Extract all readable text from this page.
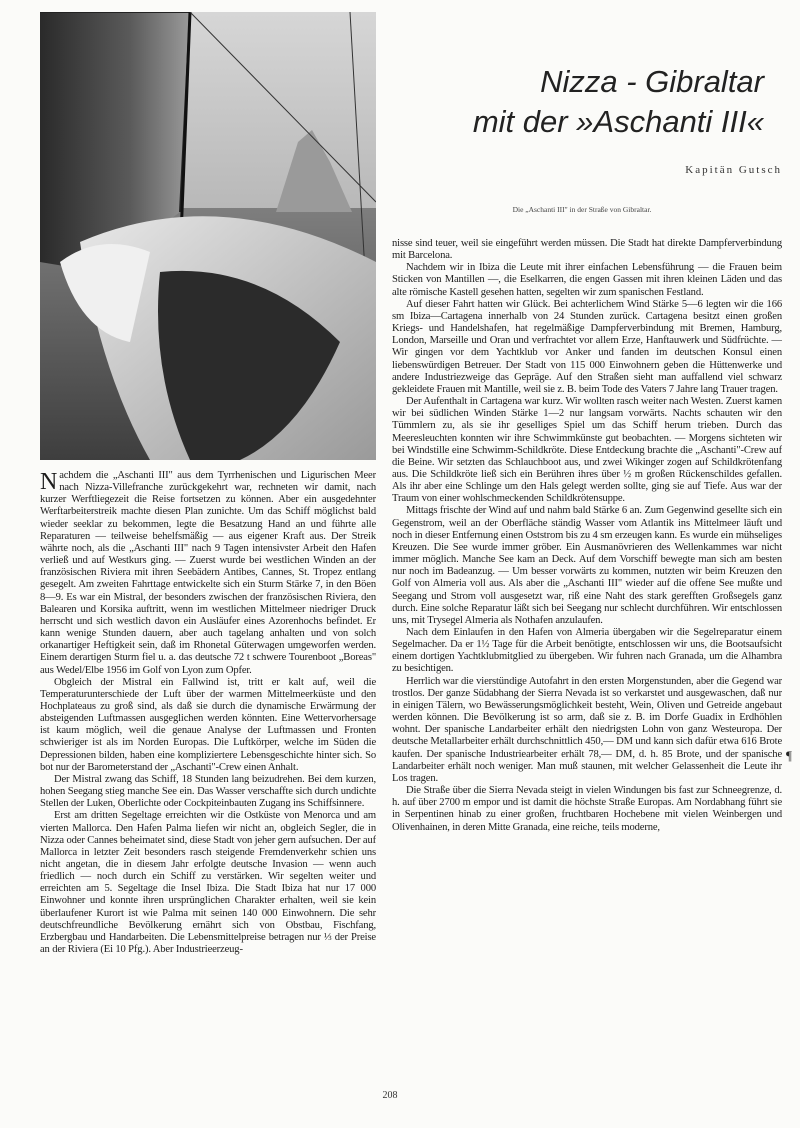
Nizza - Gibraltar
mit der »Aschanti III«
Kapitän Gutsch
Die „Aschanti III" in der Straße von Gibraltar.

Nachdem die „Aschanti III" aus dem Tyrrhenischen und Ligurischen Meer nach Nizza-Villefranche zurückgekehrt war, rechneten wir damit, nach kurzer Werftliegezeit die Reise fortsetzen zu können. Aber ein ausgedehnter Werftarbeiterstreik machte diesen Plan zunichte. Um das Schiff möglichst bald wieder seeklar zu bekommen, legte die Besatzung Hand an und führte alle Reparaturen — teilweise behelfsmäßig — aus eigener Kraft aus. Der Streik währte noch, als die „Aschanti III" nach 9 Tagen intensivster Arbeit den Hafen verließ und auf Westkurs ging. — Zuerst wurde bei westlichen Winden an der französischen Riviera mit ihren Seebädern Antibes, Cannes, St. Tropez entlang gesegelt. Am zweiten Fahrttage entwickelte sich ein Sturm Stärke 7, in den Böen 8—9. Es war ein Mistral, der besonders zwischen der französischen Riviera, den Balearen und Korsika auftritt, wenn im westlichen Mittelmeer niedriger Druck herrscht und sich westlich davon ein Ausläufer eines Azorenhochs befindet. Er kann wenige Stunden dauern, aber auch tagelang anhalten und von solch orkanartiger Heftigkeit sein, daß im Rhonetal Güterwagen umgeworfen werden. Einem derartigen Sturm fiel u. a. das deutsche 72 t schwere Tourenboot „Boreas" aus Wedel/Elbe 1956 im Golf von Lyon zum Opfer.

Obgleich der Mistral ein Fallwind ist, tritt er kalt auf, weil die Temperaturunterschiede der Luft über der warmen Mittelmeerküste und den Hochplateaus zu groß sind, als daß sie durch die dynamische Erwärmung der absteigenden Luftmassen ausgeglichen werden könnten. Eine Wettervorhersage ist kaum möglich, weil die genaue Analyse der Luftmassen und Fronten schwieriger ist als im Norden Europas. Die Luftkörper, welche im Süden die Depressionen bilden, haben eine kompliziertere Lebensgeschichte hinter sich. So bot nur der Barometerstand der „Aschanti"-Crew einen Anhalt.

Der Mistral zwang das Schiff, 18 Stunden lang beizudrehen. Bei dem kurzen, hohen Seegang stieg manche See ein. Das Wasser verschaffte sich durch undichte Stellen der Luken, Oberlichte oder Cockpiteinbauten Zugang ins Schiffsinnere.

Erst am dritten Segeltage erreichten wir die Ostküste von Menorca und am vierten Mallorca. Den Hafen Palma liefen wir nicht an, obgleich Segler, die in Nizza oder Cannes beheimatet sind, diese Stadt von jeher gern aufsuchen. Der auf Mallorca in letzter Zeit besonders rasch steigende Fremdenverkehr schien uns nicht angetan, die in diesem Jahr erfolgte deutsche Invasion — wenn auch friedlich — noch durch ein Schiff zu verstärken. Wir segelten weiter und erreichten am 5. Segeltage die Insel Ibiza. Die Stadt Ibiza hat nur 17 000 Einwohner und konnte ihren ursprünglichen Charakter erhalten, weil sie kein überlaufener Kurort ist wie Palma mit seinen 140 000 Einwohnern. Die sehr deutschfreundliche Bevölkerung ernährt sich von Obstbau, Fischfang, Erzbergbau und Handarbeiten. Die Lebensmittelpreise betragen nur ⅓ der Preise an der Riviera (Ei 10 Pfg.). Aber Industrieerzeug-

nisse sind teuer, weil sie eingeführt werden müssen. Die Stadt hat direkte Dampferverbindung mit Barcelona.

Nachdem wir in Ibiza die Leute mit ihrer einfachen Lebensführung — die Frauen beim Sticken von Mantillen —, die Eselkarren, die engen Gassen mit ihren kleinen Läden und das alte römische Kastell gesehen hatten, segelten wir zum spanischen Festland.

Auf dieser Fahrt hatten wir Glück. Bei achterlichem Wind Stärke 5—6 legten wir die 166 sm Ibiza—Cartagena innerhalb von 24 Stunden zurück. Cartagena besitzt einen großen Kriegs- und Handelshafen, hat regelmäßige Dampferverbindung mit Bremen, Hamburg, London, Marseille und Oran und verfrachtet vor allem Erze, Hanftauwerk und Südfrüchte. — Wir gingen vor dem Yachtklub vor Anker und fanden im deutschen Konsul einen liebenswürdigen Betreuer. Der Stadt von 115 000 Einwohnern geben die Hüttenwerke und andere Industriezweige das Gepräge. Auf den Straßen sieht man auffallend viel schwarz gekleidete Frauen mit Mantille, weil sie z. B. beim Tode des Vaters 7 Jahre lang Trauer tragen.

Der Aufenthalt in Cartagena war kurz. Wir wollten rasch weiter nach Westen. Zuerst kamen wir bei südlichen Winden Stärke 1—2 nur langsam vorwärts. Nachts schauten wir den Tümmlern zu, als sie ihr geselliges Spiel um das Schiff herum trieben. Durch das Meeresleuchten konnten wir ihre Schwimmkünste gut beobachten. — Morgens sichteten wir bei Windstille eine Schwimm-Schildkröte. Diese Entdeckung brachte die „Aschanti"-Crew auf die Beine. Wir setzten das Schlauchboot aus, und zwei Wikinger zogen auf Schildkrötenfang aus. Die Schildkröte ließ sich ein Berühren ihres über ½ m großen Rückenschildes gefallen. Als ihr aber eine Schlinge um den Hals gelegt werden sollte, ging sie auf Tiefe. Aus war der Traum von einer wohlschmeckenden Schildkrötensuppe.

Mittags frischte der Wind auf und nahm bald Stärke 6 an. Zum Gegenwind gesellte sich ein Gegenstrom, weil an der Oberfläche ständig Wasser vom Atlantik ins Mittelmeer läuft und noch in dieser Entfernung einen Oststrom bis zu 4 sm erzeugen kann. Es wurde ein mühseliges Kreuzen. Die See wurde immer gröber. Ein Ausmanövrieren des Wellenkammes war nicht immer möglich. Manche See kam an Deck. Auf dem Vorschiff bewegte man sich am besten nur noch im Badeanzug. — Um besser vorwärts zu kommen, nutzten wir beim Kreuzen den Golf von Almeria voll aus. Als aber die „Aschanti III" wieder auf die offene See mußte und Seegang und Strom voll ausgesetzt war, riß eine Naht des stark gerefften Großsegels ganz durch. Eine solche Reparatur läßt sich bei Seegang nur schlecht durchführen. Wir entschlossen uns, mit Trysegel Almeria als Nothafen anzulaufen.

Nach dem Einlaufen in den Hafen von Almeria übergaben wir die Segelreparatur einem Segelmacher. Da er 1½ Tage für die Arbeit benötigte, entschlossen wir uns, die Bootsaufsicht einem dortigen Yachtklubmitglied zu übergeben. Wir fuhren nach Granada, um die Alhambra zu besichtigen.

Herrlich war die vierstündige Autofahrt in den ersten Morgenstunden, aber die Gegend war trostlos. Der ganze Südabhang der Sierra Nevada ist so verkarstet und ausgewaschen, daß nur in einigen Tälern, wo Bewässerungsmöglichkeit besteht, Wein, Oliven und Getreide angebaut werden können. Die Bevölkerung ist so arm, daß sie z. B. im Dorfe Guadix in Erdhöhlen wohnt. Der spanische Landarbeiter erhält den niedrigsten Lohn von ganz Westeuropa. Der deutsche Metallarbeiter erhält durchschnittlich 450,— DM und kann sich dafür etwa 616 Brote kaufen. Der spanische Industriearbeiter erhält 78,— DM, d. h. 85 Brote, und der spanische Landarbeiter erhält noch weniger. Man muß staunen, mit welcher Gelassenheit die Leute ihr Los tragen.

Die Straße über die Sierra Nevada steigt in vielen Windungen bis fast zur Schneegrenze, d. h. auf über 2700 m empor und ist damit die höchste Straße Europas. Am Nordabhang führt sie in Serpentinen hinab zu einer großen, fruchtbaren Hochebene mit vielen Weinbergen und Olivenhainen, in deren Mitte Granada, eine reiche, teils moderne,

¶
208
